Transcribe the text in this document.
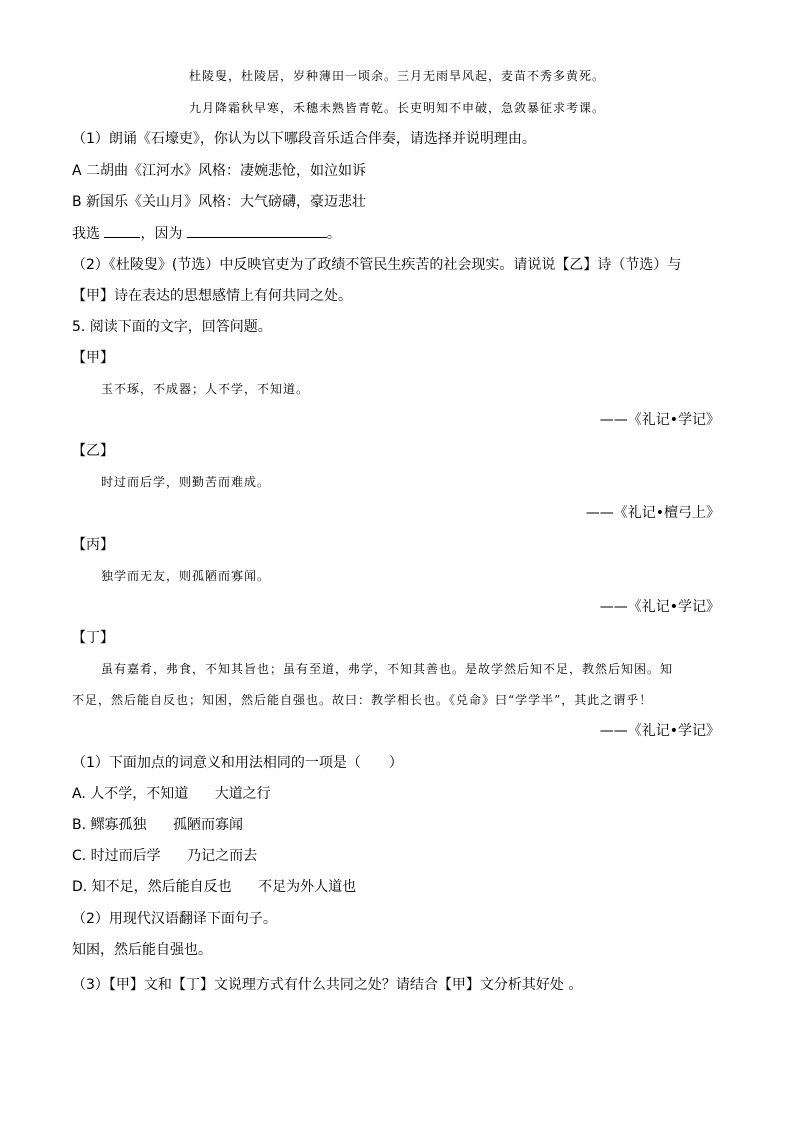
杜陵叟，杜陵居，岁种薄田一顷余。三月无雨旱风起，麦苗不秀多黄死。
九月降霜秋早寒，禾穗未熟皆青乾。长吏明知不申破，急敛暴征求考课。
（1）朗诵《石壕吏》，你认为以下哪段音乐适合伴奏，请选择并说明理由。
A 二胡曲《江河水》风格：凄婉悲怆，如泣如诉
B 新国乐《关山月》风格：大气磅礴，豪迈悲壮
我选	，因为	。
（2）《杜陵叟》(节选）中反映官吏为了政绩不管民生疾苦的社会现实。请说说【乙】诗（节选）与
【甲】诗在表达的思想感情上有何共同之处。
5. 阅读下面的文字，回答问题。
【甲】
玉不琢，不成器；人不学，不知道。
——《礼记•学记》
【乙】
时过而后学，则勤苦而难成。
——《礼记•檀弓上》
【丙】
独学而无友，则孤陋而寡闻。
——《礼记•学记》
【丁】
虽有嘉肴，弗食，不知其旨也；虽有至道，弗学，不知其善也。是故学然后知不足，教然后知困。知
不足，然后能自反也；知困，然后能自强也。故曰：教学相长也。《兑命》曰“学学半”，其此之谓乎！
——《礼记•学记》
（1）下面加点的词意义和用法相同的一项是（　　）
A. 人不学，不知道 大道之行
B. 鳏寡孤独 孤陋而寡闻
C. 时过而后学 乃记之而去
D. 知不足，然后能自反也 不足为外人道也
（2）用现代汉语翻译下面句子。
知困，然后能自强也。
（3）【甲】文和【丁】文说理方式有什么共同之处？请结合【甲】文分析其好处 。
